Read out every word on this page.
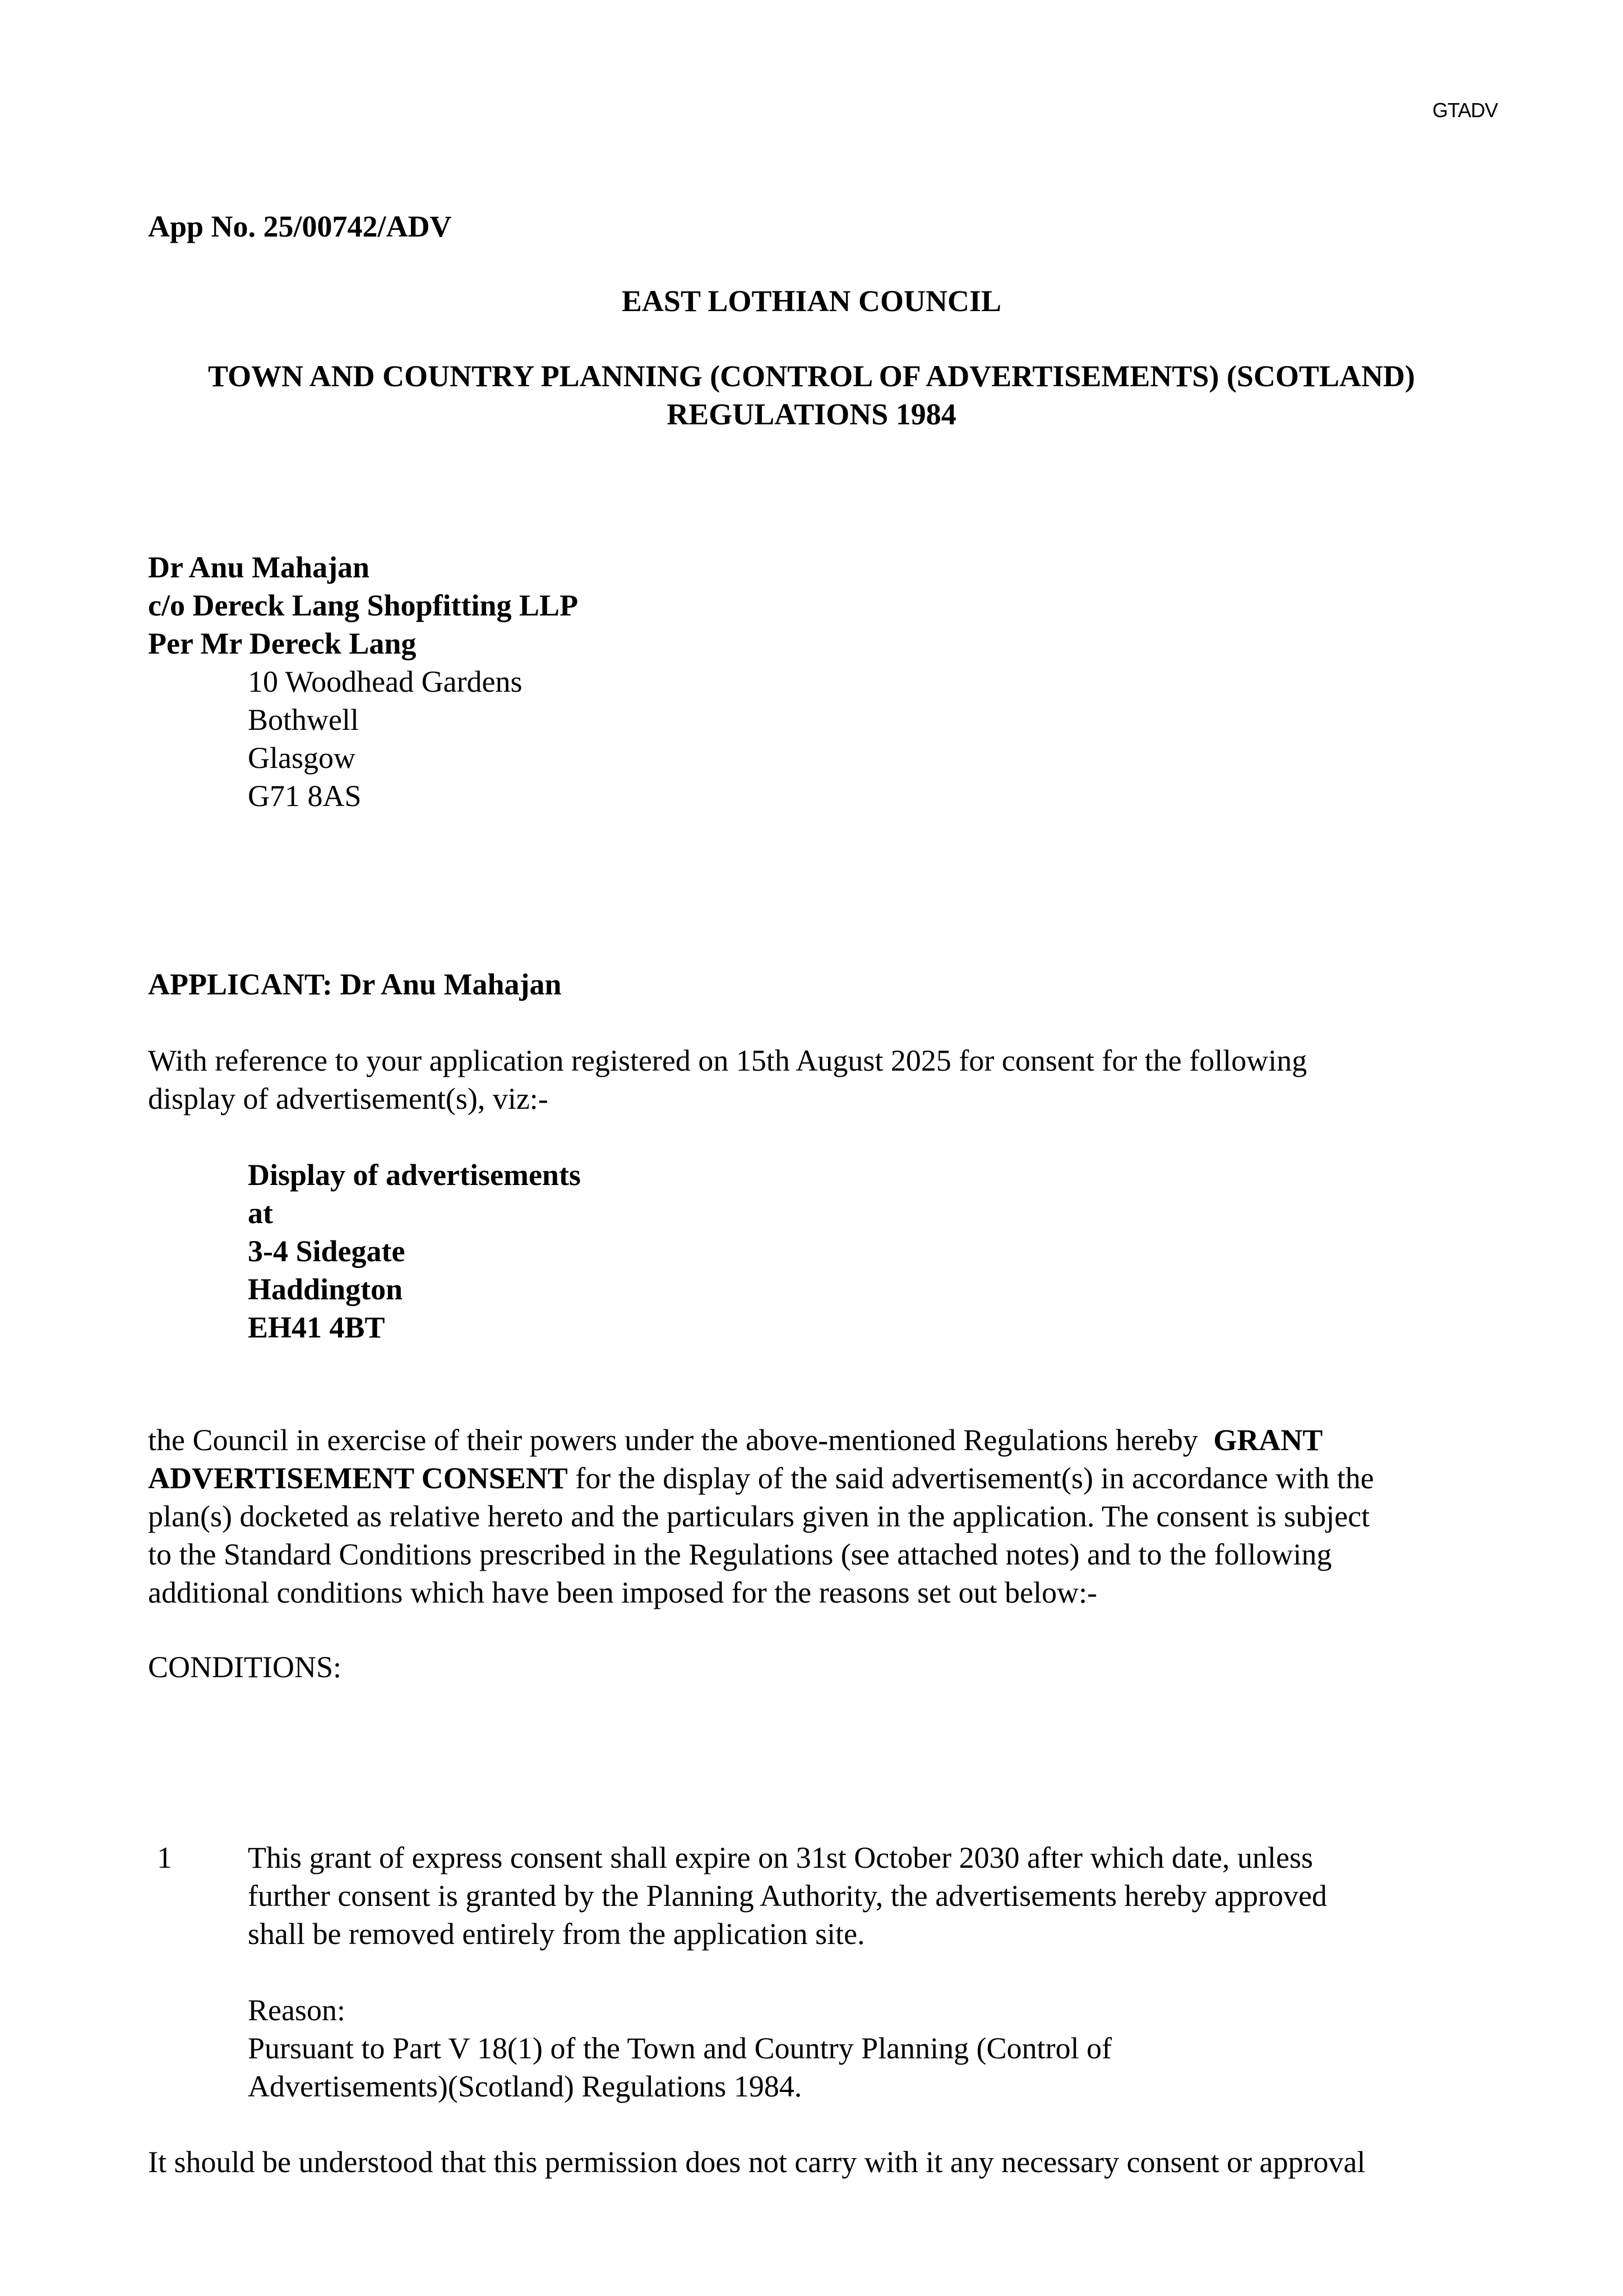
GTADV
App No. 25/00742/ADV
EAST LOTHIAN COUNCIL
TOWN AND COUNTRY PLANNING (CONTROL OF ADVERTISEMENTS) (SCOTLAND)
REGULATIONS 1984
Dr Anu Mahajan
c/o Dereck Lang Shopfitting LLP
Per Mr Dereck Lang
10 Woodhead Gardens
Bothwell
Glasgow
G71 8AS
APPLICANT: Dr Anu Mahajan
With reference to your application registered on 15th August 2025 for consent for the following
display of advertisement(s), viz:-
Display of advertisements
at
3-4 Sidegate
Haddington
EH41 4BT
the Council in exercise of their powers under the above-mentioned Regulations hereby GRANT
ADVERTISEMENT CONSENT for the display of the said advertisement(s) in accordance with the
plan(s) docketed as relative hereto and the particulars given in the application. The consent is subject
to the Standard Conditions prescribed in the Regulations (see attached notes) and to the following
additional conditions which have been imposed for the reasons set out below:-
CONDITIONS:
1	This grant of express consent shall expire on 31st October 2030 after which date, unless
further consent is granted by the Planning Authority, the advertisements hereby approved
shall be removed entirely from the application site.
Reason:
Pursuant to Part V 18(1) of the Town and Country Planning (Control of
Advertisements)(Scotland) Regulations 1984.
It should be understood that this permission does not carry with it any necessary consent or approval
